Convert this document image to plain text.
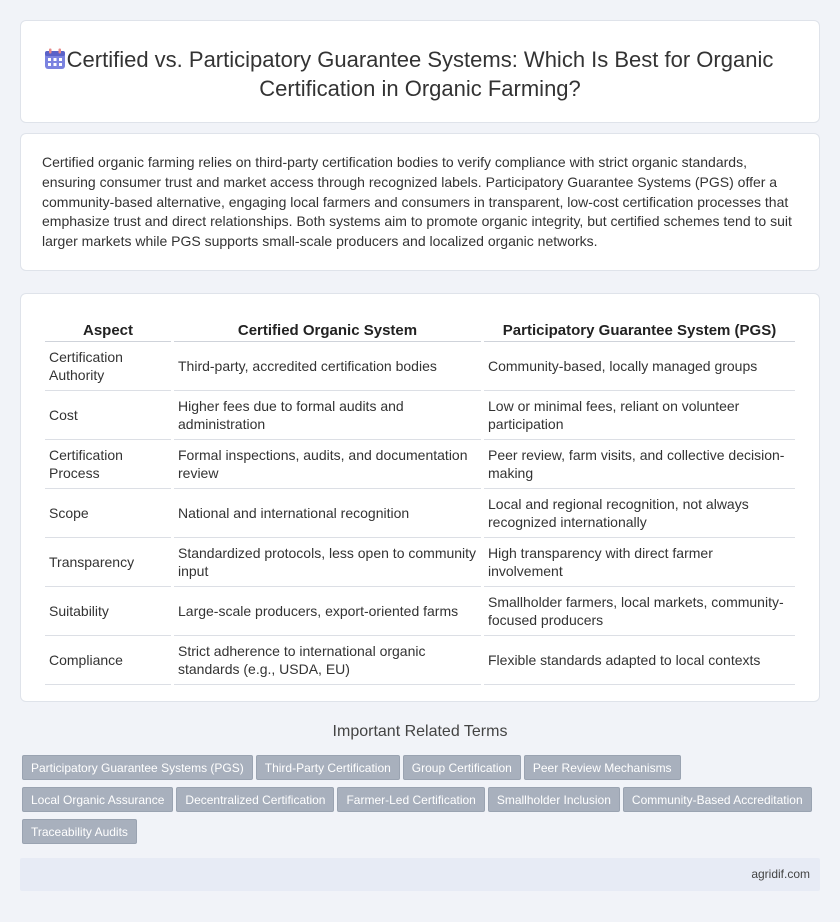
Certified vs. Participatory Guarantee Systems: Which Is Best for Organic Certification in Organic Farming?

Certified organic farming relies on third-party certification bodies to verify compliance with strict organic standards, ensuring consumer trust and market access through recognized labels. Participatory Guarantee Systems (PGS) offer a community-based alternative, engaging local farmers and consumers in transparent, low-cost certification processes that emphasize trust and direct relationships. Both systems aim to promote organic integrity, but certified schemes tend to suit larger markets while PGS supports small-scale producers and localized organic networks.

Aspect	Certified Organic System	Participatory Guarantee System (PGS)
Certification Authority	Third-party, accredited certification bodies	Community-based, locally managed groups
Cost	Higher fees due to formal audits and administration	Low or minimal fees, reliant on volunteer participation
Certification Process	Formal inspections, audits, and documentation review	Peer review, farm visits, and collective decision-making
Scope	National and international recognition	Local and regional recognition, not always recognized internationally
Transparency	Standardized protocols, less open to community input	High transparency with direct farmer involvement
Suitability	Large-scale producers, export-oriented farms	Smallholder farmers, local markets, community-focused producers
Compliance	Strict adherence to international organic standards (e.g., USDA, EU)	Flexible standards adapted to local contexts
Important Related Terms
Participatory Guarantee Systems (PGS) Third-Party Certification Group Certification Peer Review Mechanisms
Local Organic Assurance Decentralized Certification Farmer-Led Certification Smallholder Inclusion Community-Based Accreditation
Traceability Audits
agridif.com
